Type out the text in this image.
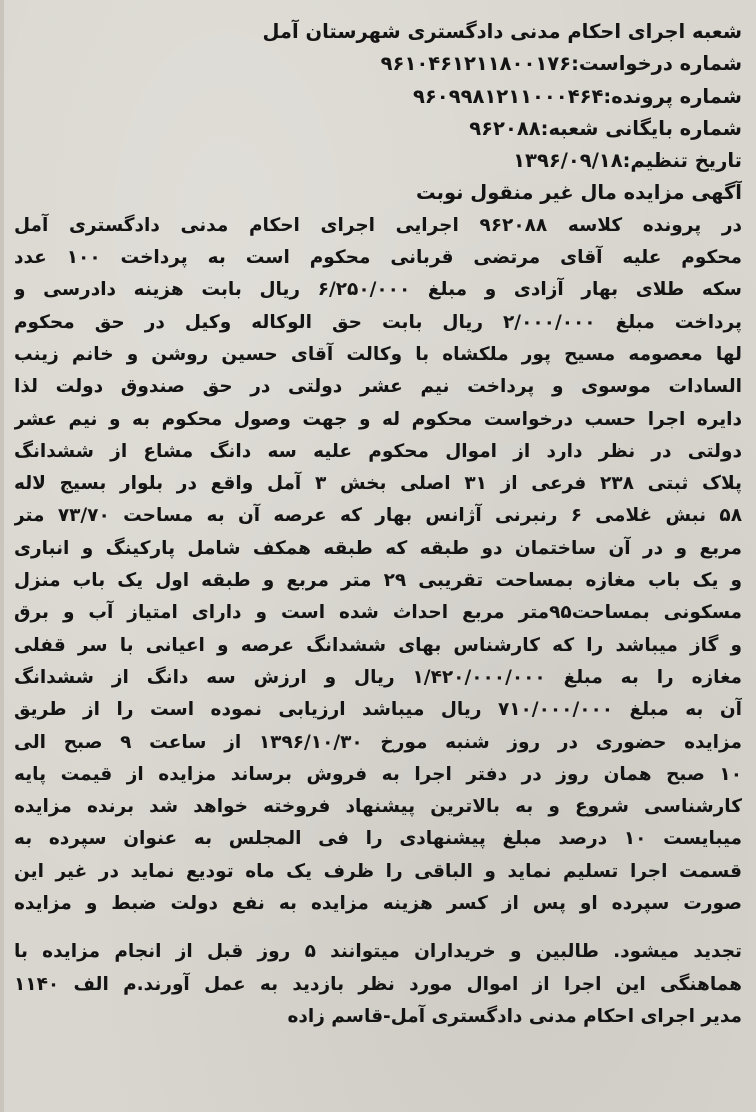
شعبه اجرای احکام مدنی دادگستری شهرستان آمل
شماره درخواست:۹۶۱۰۴۶۱۲۱۱۸۰۰۱۷۶
شماره پرونده:۹۶۰۹۹۸۱۲۱۱۰۰۰۴۶۴
شماره بایگانی شعبه:۹۶۲۰۸۸
تاریخ تنظیم:۱۳۹۶/۰۹/۱۸
آگهی مزایده مال غیر منقول نوبت
در پرونده کلاسه ۹۶۲۰۸۸ اجرایی اجرای احکام مدنی دادگستری آمل
محکوم علیه آقای مرتضی قربانی محکوم است به پرداخت ۱۰۰ عدد
سکه طلای بهار آزادی و مبلغ ۶/۲۵۰/۰۰۰ ریال بابت هزینه دادرسی و
پرداخت مبلغ ۲/۰۰۰/۰۰۰ ریال بابت حق الوکاله وکیل در حق محکوم
لها معصومه مسیح پور ملکشاه با وکالت آقای حسین روشن و خانم زینب
السادات موسوی و پرداخت نیم عشر دولتی در حق صندوق دولت لذا
دایره اجرا حسب درخواست محکوم له و جهت وصول محکوم به و نیم عشر
دولتی در نظر دارد از اموال محکوم علیه سه دانگ مشاع از ششدانگ
پلاک ثبتی ۲۳۸ فرعی از ۳۱ اصلی بخش ۳ آمل واقع در بلوار بسیج لاله
۵۸ نبش غلامی ۶ رنبرنی آژانس بهار که عرصه آن به مساحت ۷۳/۷۰ متر
مربع و در آن ساختمان دو طبقه که طبقه همکف شامل پارکینگ و انباری
و یک باب مغازه بمساحت تقریبی ۲۹ متر مربع و طبقه اول یک باب منزل
مسکونی بمساحت۹۵متر مربع احداث شده است و دارای امتیاز آب و برق
و گاز میباشد را که کارشناس بهای ششدانگ عرصه و اعیانی با سر قفلی
مغازه را به مبلغ ۱/۴۲۰/۰۰۰/۰۰۰ ریال و ارزش سه دانگ از ششدانگ
آن به مبلغ ۷۱۰/۰۰۰/۰۰۰ ریال میباشد ارزیابی نموده است را از طریق
مزایده حضوری در روز شنبه مورخ ۱۳۹۶/۱۰/۳۰ از ساعت ۹ صبح الی
۱۰ صبح همان روز در دفتر اجرا به فروش برساند مزایده از قیمت پایه
کارشناسی شروع و به بالاترین پیشنهاد فروخته خواهد شد برنده مزایده
میبایست ۱۰ درصد مبلغ پیشنهادی را فی المجلس به عنوان سپرده به
قسمت اجرا تسلیم نماید و الباقی را ظرف یک ماه تودیع نماید در غیر این
صورت سپرده او پس از کسر هزینه مزایده به نفع دولت ضبط و مزایده
تجدید میشود. طالبین و خریداران میتوانند ۵ روز قبل از انجام مزایده با
هماهنگی این اجرا از اموال مورد نظر بازدید به عمل آورند.م الف ۱۱۴۰
مدیر اجرای احکام مدنی دادگستری آمل-قاسم زاده
